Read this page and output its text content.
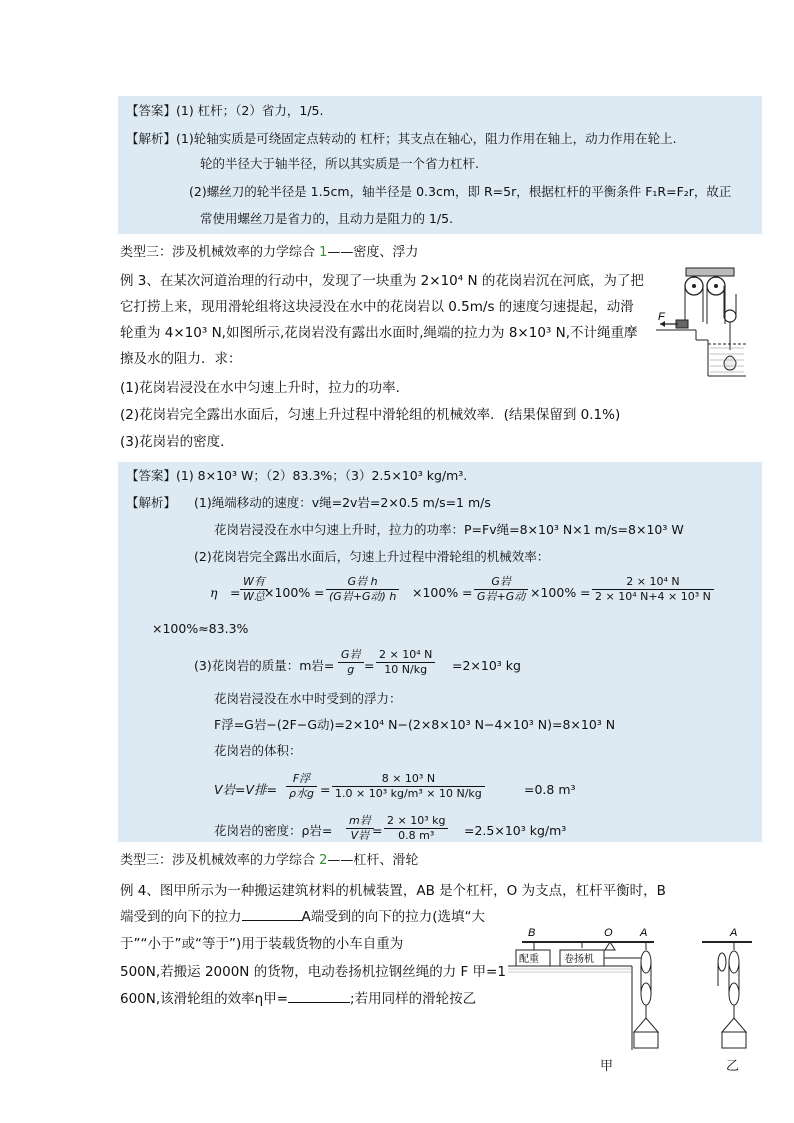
【答案】(1) 杠杆；（2）省力，1/5.
【解析】(1)轮轴实质是可绕固定点转动的 杠杆；其支点在轴心，阻力作用在轴上，动力作用在轮上.
轮的半径大于轴半径，所以其实质是一个省力杠杆.
(2)螺丝刀的轮半径是 1.5cm，轴半径是 0.3cm，即 R=5r，根据杠杆的平衡条件 F₁R=F₂r，故正
常使用螺丝刀是省力的，且动力是阻力的 1/5.
类型三：涉及机械效率的力学综合 1——密度、浮力
例 3、在某次河道治理的行动中，发现了一块重为 2×10⁴ N 的花岗岩沉在河底，为了把
它打捞上来，现用滑轮组将这块浸没在水中的花岗岩以 0.5m/s 的速度匀速提起，动滑
轮重为 4×10³ N,如图所示,花岗岩没有露出水面时,绳端的拉力为 8×10³ N,不计绳重摩
擦及水的阻力．求：
(1)花岗岩浸没在水中匀速上升时，拉力的功率．
(2)花岗岩完全露出水面后，匀速上升过程中滑轮组的机械效率．(结果保留到 0.1%)
(3)花岗岩的密度．
F
【答案】(1) 8×10³ W；（2）83.3%；（3）2.5×10³ kg/m³.
【解析】 (1)绳端移动的速度：v绳=2v岩=2×0.5 m/s=1 m/s
花岗岩浸没在水中匀速上升时，拉力的功率：P=Fv绳=8×10³ N×1 m/s=8×10³ W
(2)花岗岩完全露出水面后，匀速上升过程中滑轮组的机械效率：
η =
W有
W总 ×100% =
G岩 h
(G岩+G动) h ×100% =
G岩
G岩+G动 $\times 100\% = \frac{\text{2 × 10⁴ N}}{\text{2 × 10⁴ N+4 × 10³ N}}$
×100%≈83.3%
(3)花岗岩的质量：m岩=
G岩
$g = \frac{\text{2 × 10⁴ N}}{10 N/kg} =2\times 10^3$ kg
花岗岩浸没在水中时受到的浮力：
F浮=G岩−(2F−G动)=2×10⁴ N−(2×8×10³ N−4×10³ N)=8×10³ N
花岗岩的体积：
V岩=V排=
F浮
ρ水$g = \frac{\text{8 × 10³ N}}{\text{1.0 × 10³ kg/m³ × 10 N/kg}}$	=0.8 m³
花岗岩的密度：ρ岩=
m岩
V岩 = $\frac{\text{2 × 10³ kg}}{\text{0.8 m³}} =2.5\times 10^3$ kg/m³
类型三：涉及机械效率的力学综合 2——杠杆、滑轮
例 4、图甲所示为一种搬运建筑材料的机械装置，AB 是个杠杆，O 为支点，杠杆平衡时，B
端受到的向下的拉力	A端受到的向下的拉力(选填“大
于”“小于”或“等于”)用于装载货物的小车自重为
500N,若搬运 2000N 的货物，电动卷扬机拉钢丝绳的力 F 甲=1
600N,该滑轮组的效率η甲=	;若用同样的滑轮按乙
B	O A
配重	卷扬机
A
甲	乙
